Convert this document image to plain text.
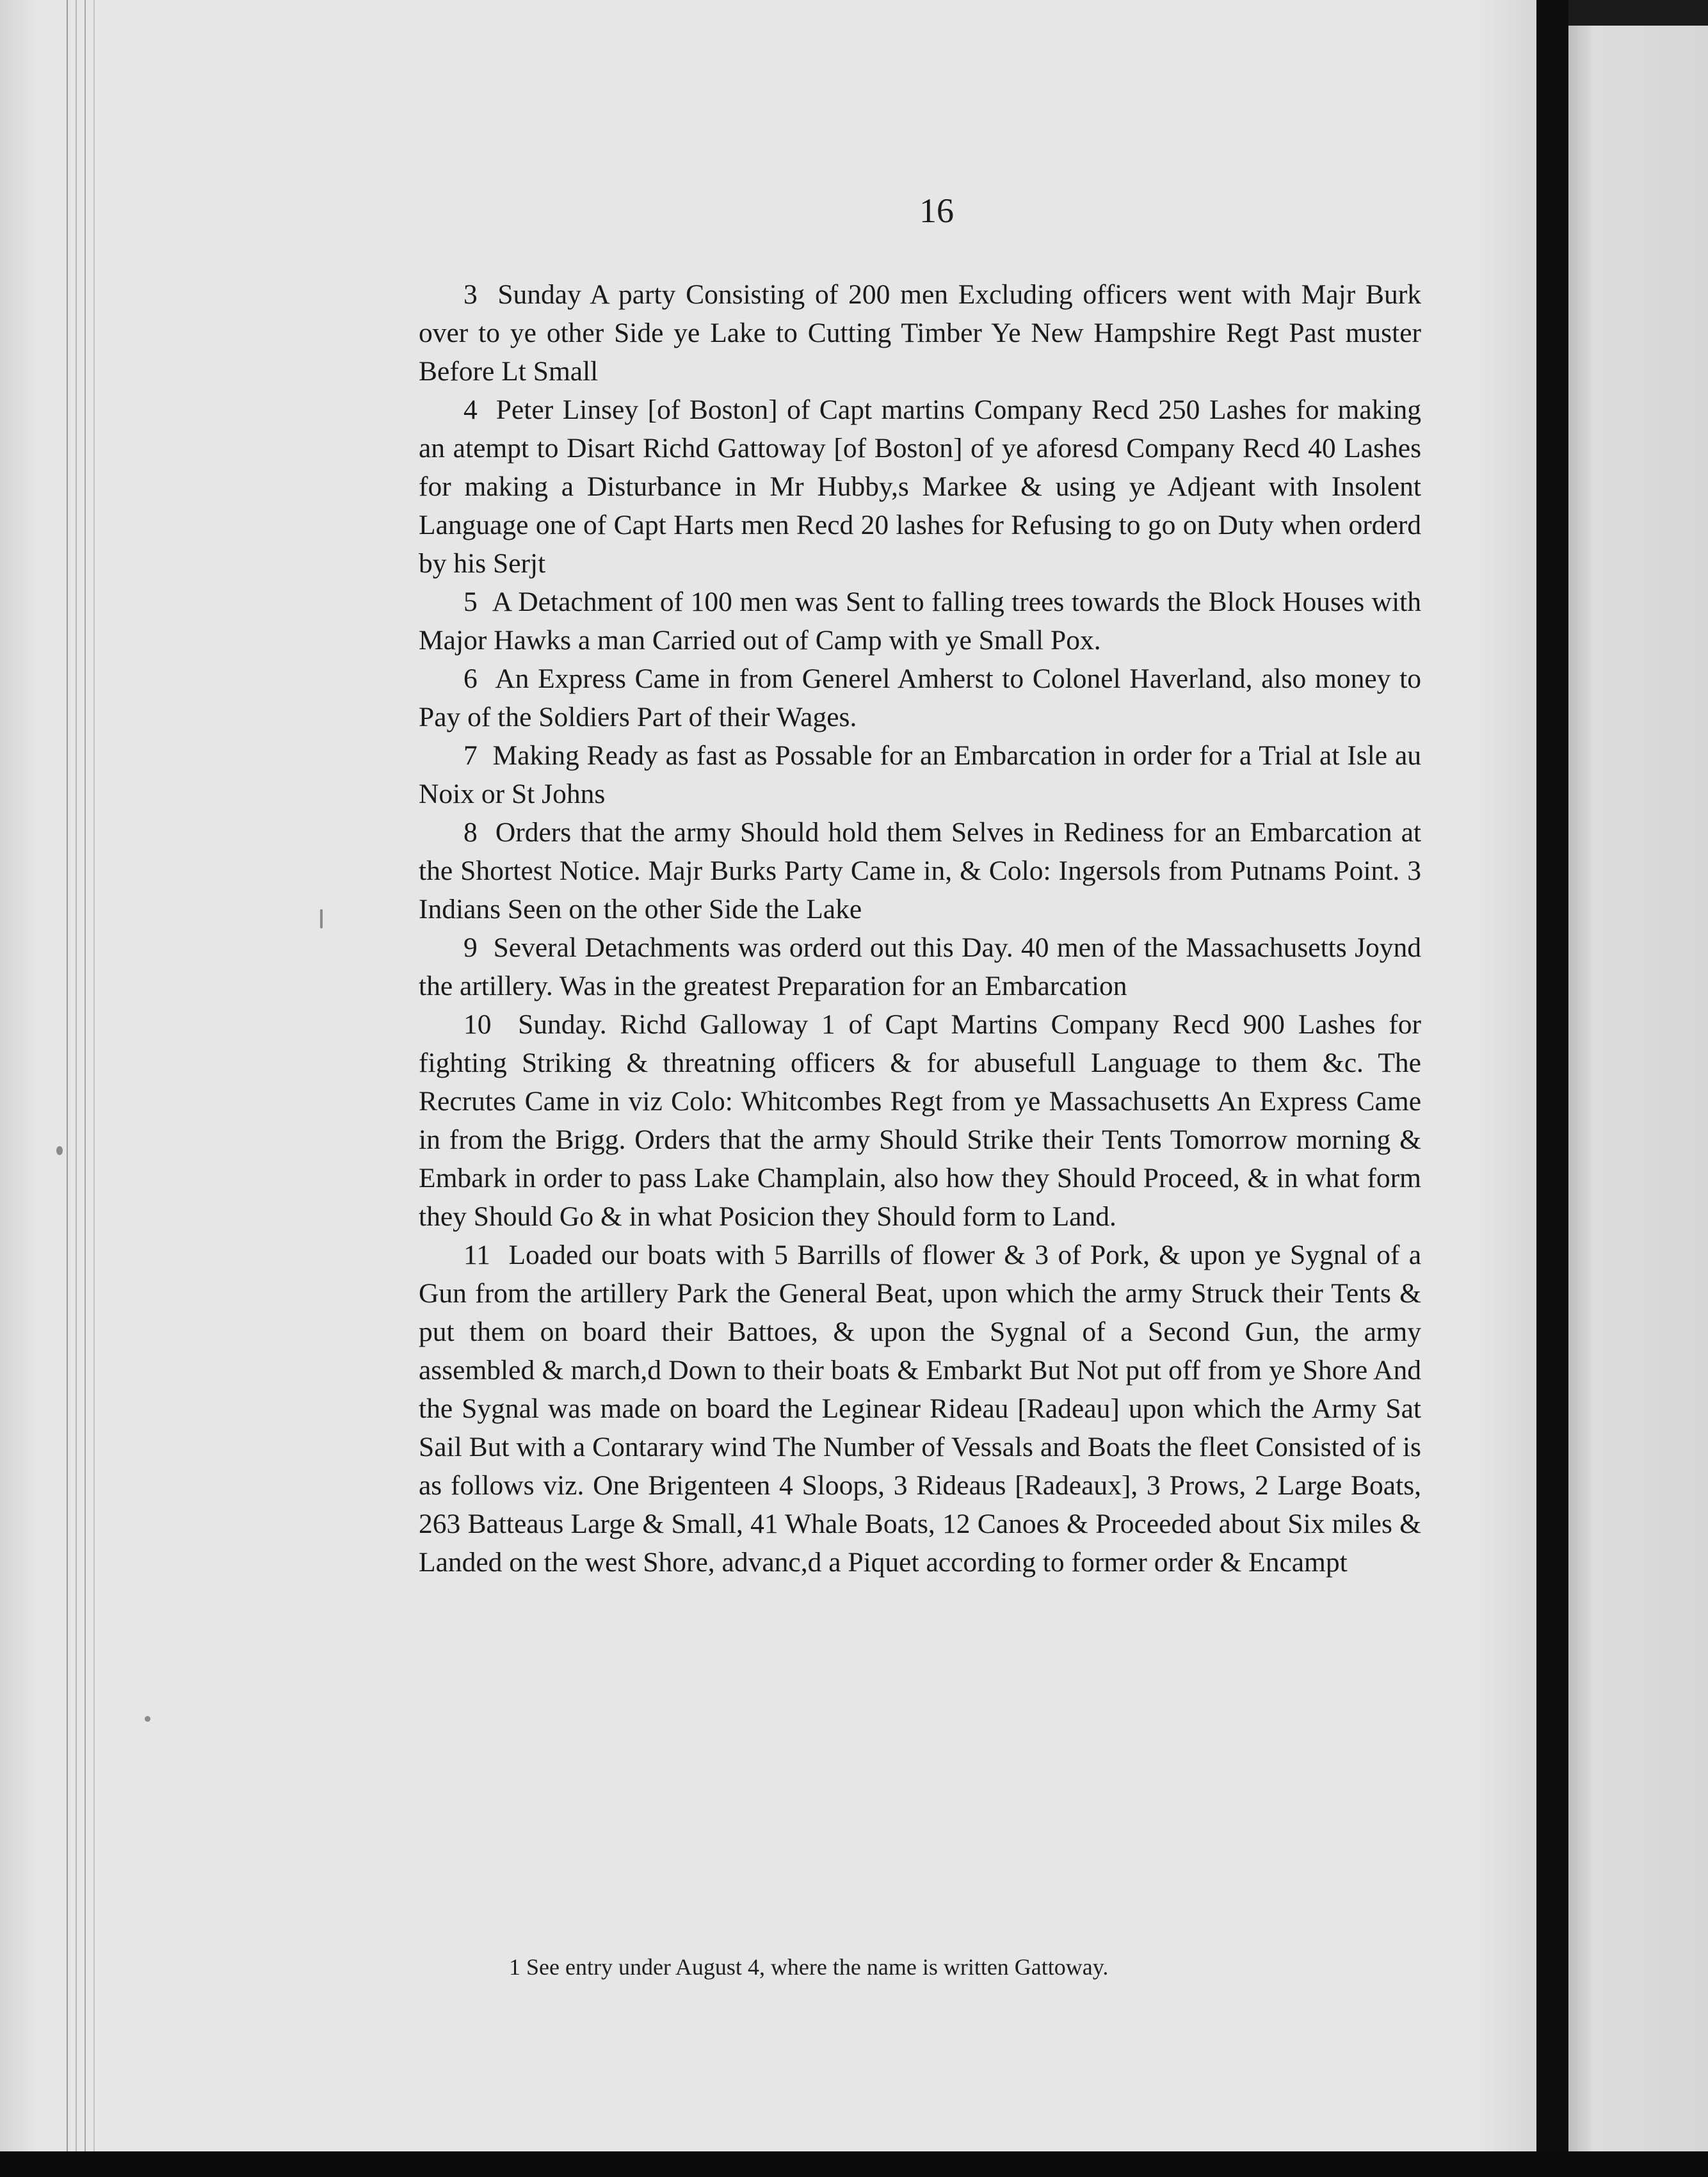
16

3 Sunday A party Consisting of 200 men Excluding officers went with Majr Burk over to ye other Side ye Lake to Cutting Timber Ye New Hampshire Regt Past muster Before Lt Small

4 Peter Linsey [of Boston] of Capt martins Company Recd 250 Lashes for making an atempt to Disart Richd Gattoway [of Boston] of ye aforesd Company Recd 40 Lashes for making a Disturbance in Mr Hubby,s Markee & using ye Adjeant with Insolent Language one of Capt Harts men Recd 20 lashes for Refusing to go on Duty when orderd by his Serjt

5 A Detachment of 100 men was Sent to falling trees towards the Block Houses with Major Hawks a man Carried out of Camp with ye Small Pox.

6 An Express Came in from Generel Amherst to Colonel Haverland, also money to Pay of the Soldiers Part of their Wages.

7 Making Ready as fast as Possable for an Embarcation in order for a Trial at Isle au Noix or St Johns

8 Orders that the army Should hold them Selves in Rediness for an Embarcation at the Shortest Notice. Majr Burks Party Came in, & Colo: Ingersols from Putnams Point. 3 Indians Seen on the other Side the Lake

9 Several Detachments was orderd out this Day. 40 men of the Massachusetts Joynd the artillery. Was in the greatest Preparation for an Embarcation

10 Sunday. Richd Galloway 1 of Capt Martins Company Recd 900 Lashes for fighting Striking & threatning officers & for abusefull Language to them &c. The Recrutes Came in viz Colo: Whitcombes Regt from ye Massachusetts An Express Came in from the Brigg. Orders that the army Should Strike their Tents Tomorrow morning & Embark in order to pass Lake Champlain, also how they Should Proceed, & in what form they Should Go & in what Posicion they Should form to Land.

11 Loaded our boats with 5 Barrills of flower & 3 of Pork, & upon ye Sygnal of a Gun from the artillery Park the General Beat, upon which the army Struck their Tents & put them on board their Battoes, & upon the Sygnal of a Second Gun, the army assembled & march,d Down to their boats & Embarkt But Not put off from ye Shore And the Sygnal was made on board the Leginear Rideau [Radeau] upon which the Army Sat Sail But with a Contarary wind The Number of Vessals and Boats the fleet Consisted of is as follows viz. One Brigenteen 4 Sloops, 3 Rideaus [Radeaux], 3 Prows, 2 Large Boats, 263 Batteaus Large & Small, 41 Whale Boats, 12 Canoes & Proceeded about Six miles & Landed on the west Shore, advanc,d a Piquet according to former order & Encampt

1 See entry under August 4, where the name is written Gattoway.
